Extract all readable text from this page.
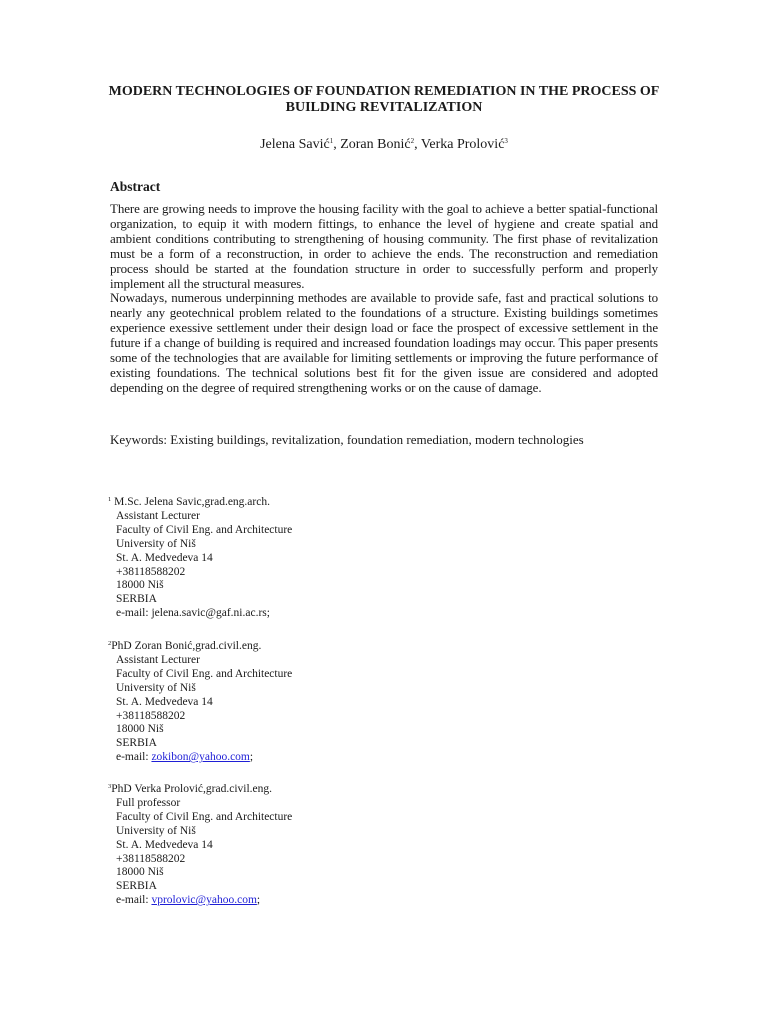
MODERN TECHNOLOGIES OF FOUNDATION REMEDIATION IN THE PROCESS OF BUILDING REVITALIZATION
Jelena Savić$^1$, Zoran Bonić$^2$, Verka Prolović$^3$
Abstract

There are growing needs to improve the housing facility with the goal to achieve a better spatial-functional organization, to equip it with modern fittings, to enhance the level of hygiene and create spatial and ambient conditions contributing to strengthening of housing community. The first phase of revitalization must be a form of a reconstruction, in order to achieve the ends. The reconstruction and remediation process should be started at the foundation structure in order to successfully perform and properly implement all the structural measures.

Nowadays, numerous underpinning methodes are available to provide safe, fast and practical solutions to nearly any geotechnical problem related to the foundations of a structure. Existing buildings sometimes experience exessive settlement under their design load or face the prospect of excessive settlement in the future if a change of building is required and increased foundation loadings may occur. This paper presents some of the technologies that are available for limiting settlements or improving the future performance of existing foundations. The technical solutions best fit for the given issue are considered and adopted depending on the degree of required strengthening works or on the cause of damage.

Keywords: Existing buildings, revitalization, foundation remediation, modern technologies

$^1$ M.Sc. Jelena Savic,grad.eng.arch.
Assistant Lecturer
Faculty of Civil Eng. and Architecture
University of Niš
St. A. Medvedeva 14
+38118588202
18000 Niš
SERBIA
e-mail: jelena.savic@gaf.ni.ac.rs;
$^2$PhD Zoran Bonić,grad.civil.eng.
Assistant Lecturer
Faculty of Civil Eng. and Architecture
University of Niš
St. A. Medvedeva 14
+38118588202
18000 Niš
SERBIA
e-mail: zokibon@yahoo.com;
$^3$PhD Verka Prolović,grad.civil.eng.
Full professor
Faculty of Civil Eng. and Architecture
University of Niš
St. A. Medvedeva 14
+38118588202
18000 Niš
SERBIA
e-mail: vprolovic@yahoo.com;
